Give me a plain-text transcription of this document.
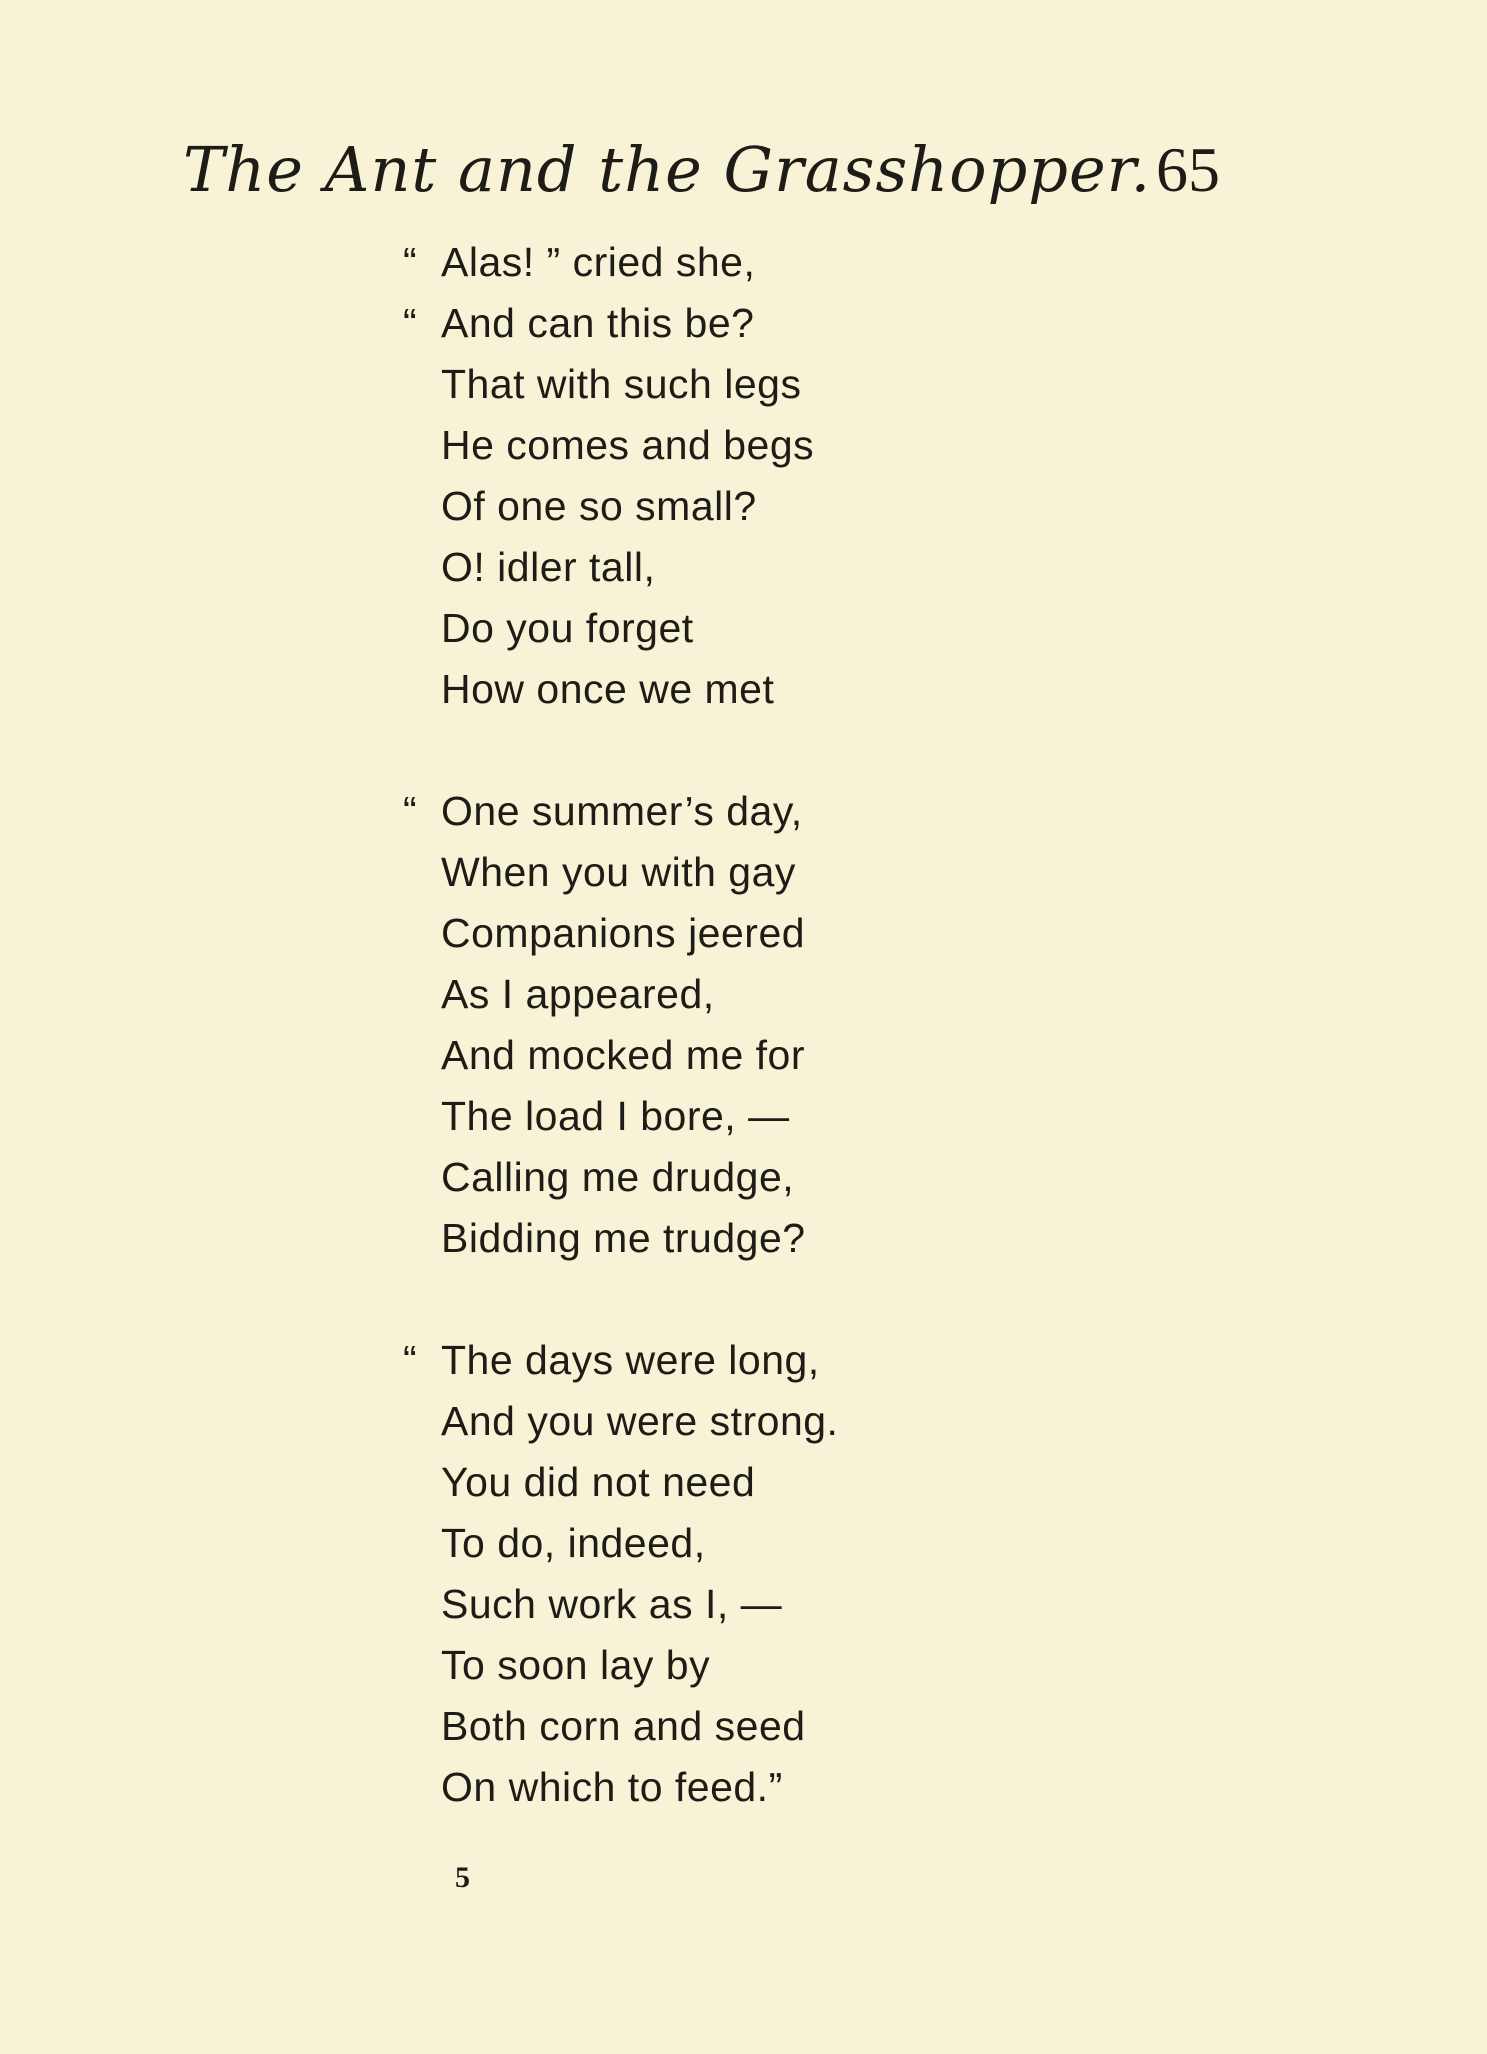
The Ant and the Grasshopper. 65
“ Alas! ” cried she,
“ And can this be?
That with such legs
He comes and begs
Of one so small?
O! idler tall,
Do you forget
How once we met
“ One summer’s day,
When you with gay
Companions jeered
As I appeared,
And mocked me for
The load I bore, —
Calling me drudge,
Bidding me trudge?
“ The days were long,
And you were strong.
You did not need
To do, indeed,
Such work as I, —
To soon lay by
Both corn and seed
On which to feed.”
5
